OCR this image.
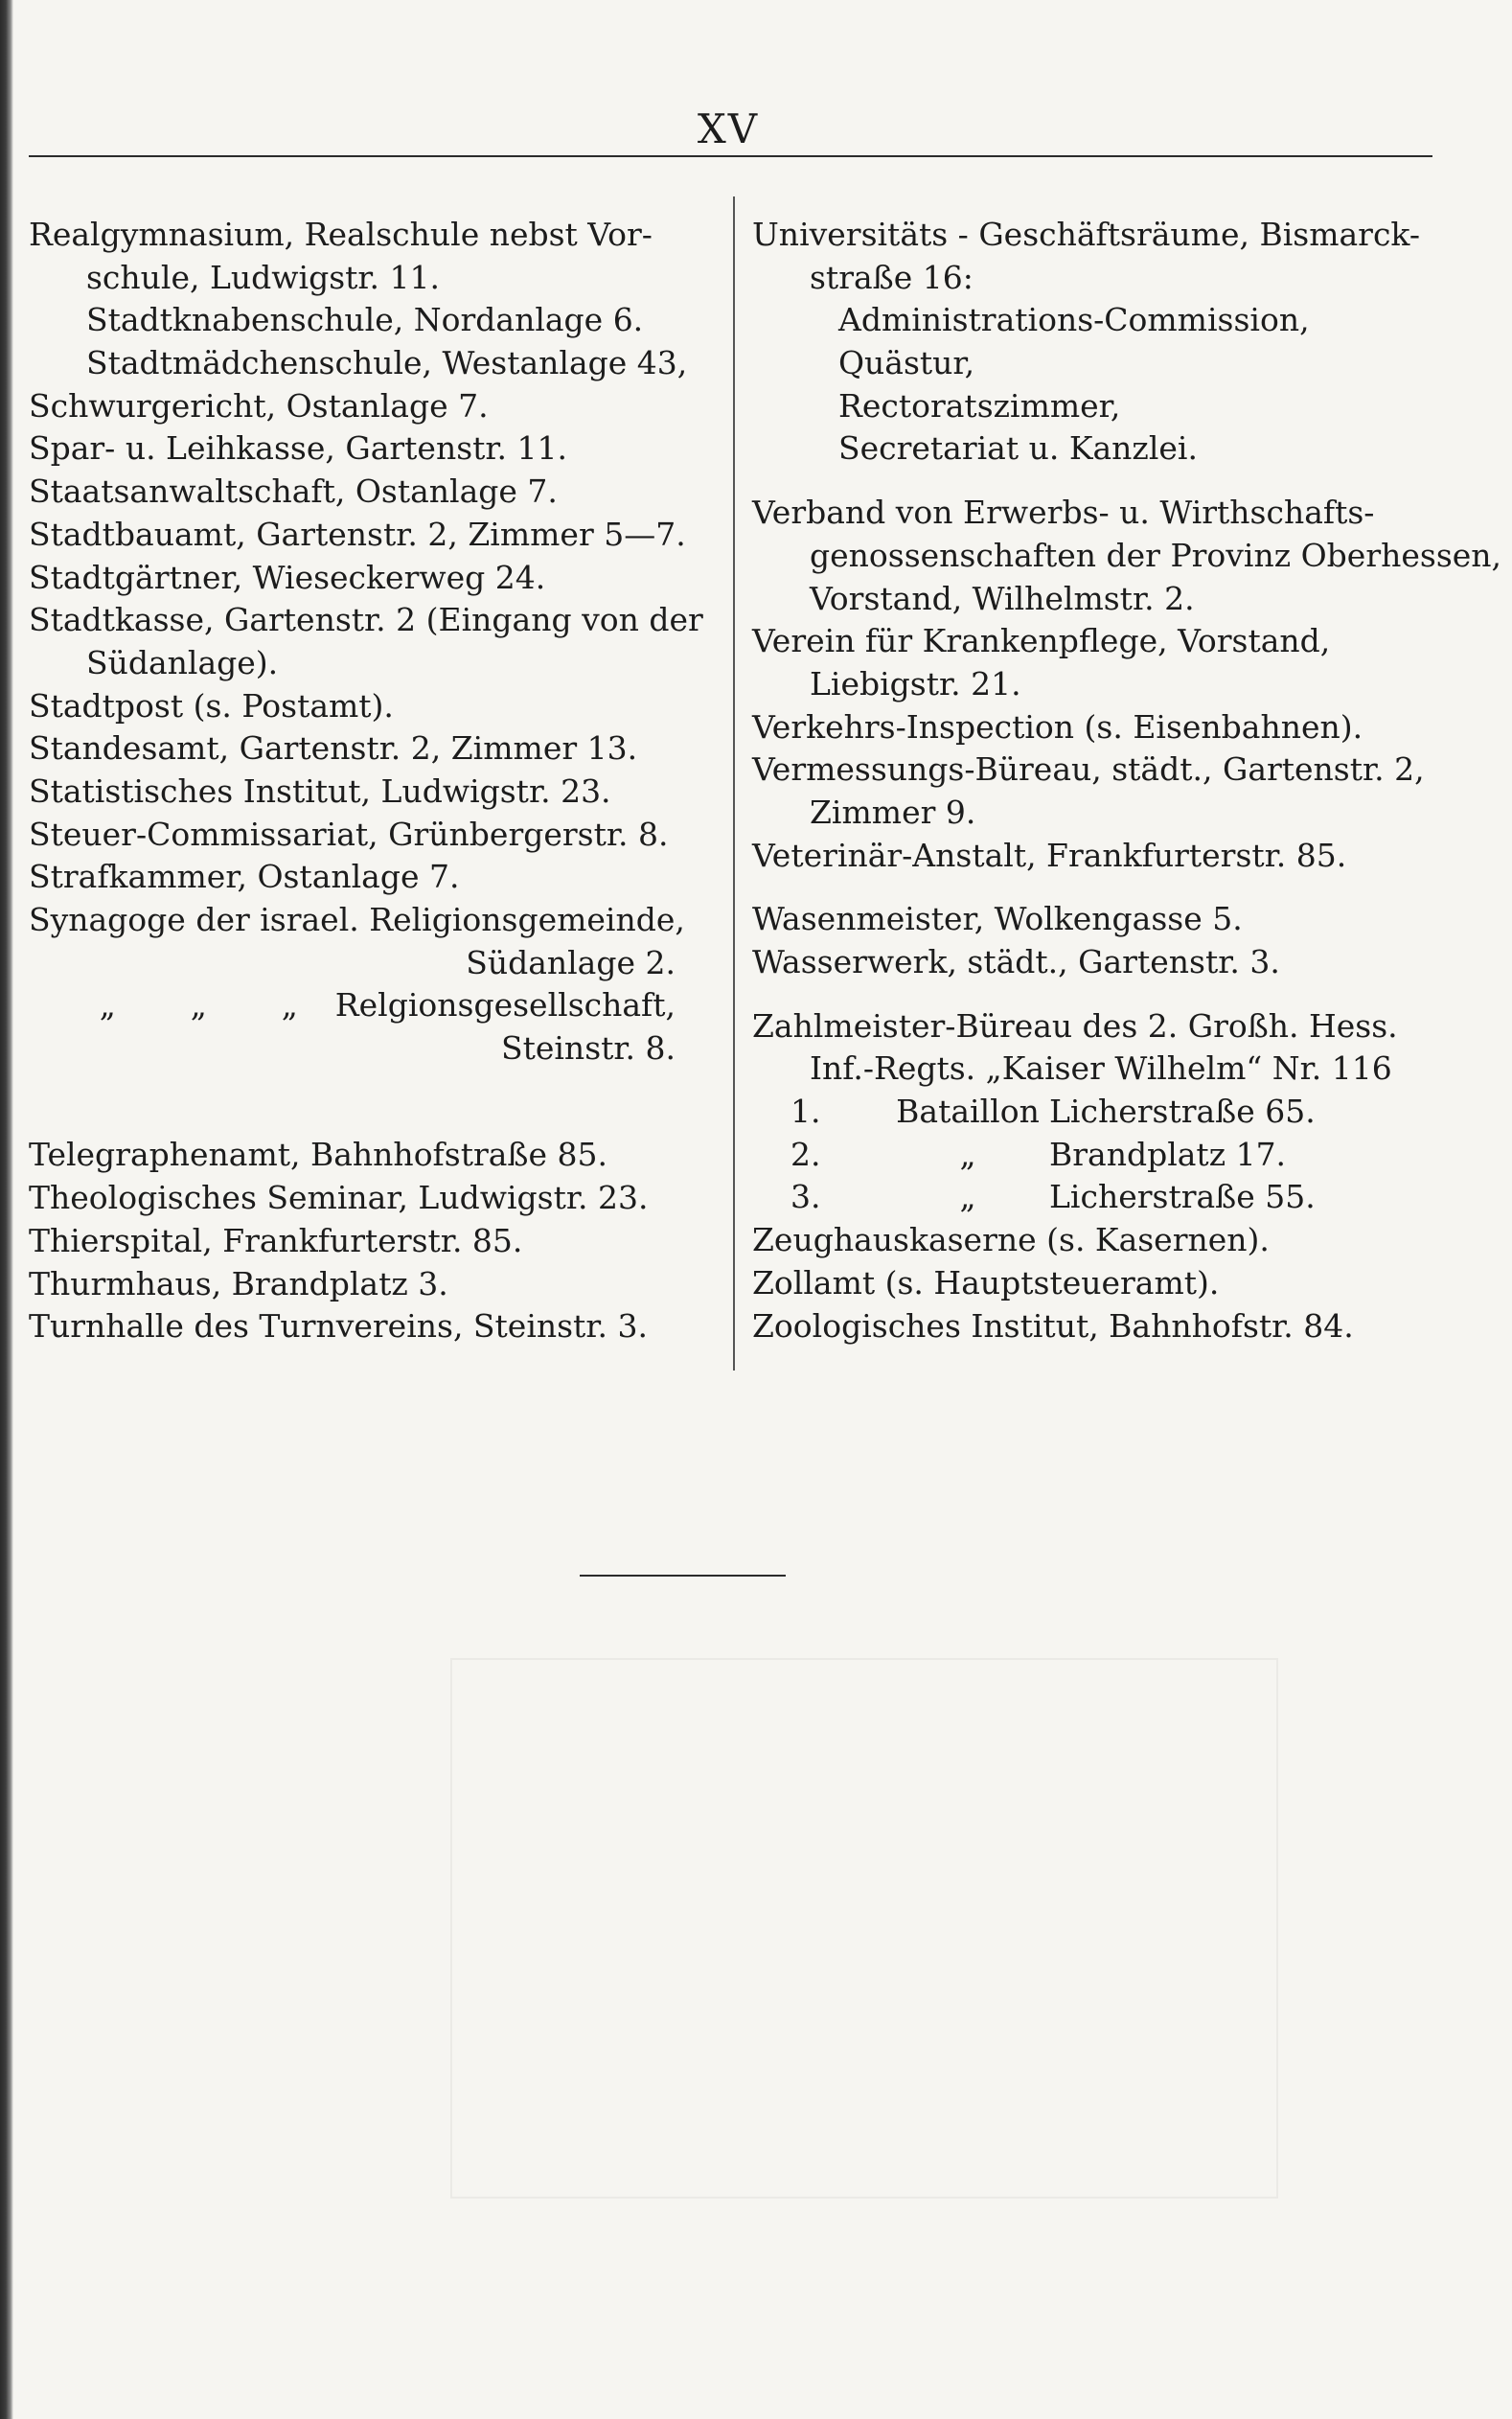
XV
Realgymnasium, Realschule nebst Vor-
schule, Ludwigstr. 11.
Stadtknabenschule, Nordanlage 6.
Stadtmädchenschule, Westanlage 43,
Schwurgericht, Ostanlage 7.
Spar- u. Leihkasse, Gartenstr. 11.
Staatsanwaltschaft, Ostanlage 7.
Stadtbauamt, Gartenstr. 2, Zimmer 5—7.
Stadtgärtner, Wieseckerweg 24.
Stadtkasse, Gartenstr. 2 (Eingang von der
Südanlage).
Stadtpost (s. Postamt).
Standesamt, Gartenstr. 2, Zimmer 13.
Statistisches Institut, Ludwigstr. 23.
Steuer-Commissariat, Grünbergerstr. 8.
Strafkammer, Ostanlage 7.
Synagoge der israel. Religionsgemeinde,
Südanlage 2.
„	„	„	Relgionsgesellschaft,
Steinstr. 8.
Telegraphenamt, Bahnhofstraße 85.
Theologisches Seminar, Ludwigstr. 23.
Thierspital, Frankfurterstr. 85.
Thurmhaus, Brandplatz 3.
Turnhalle des Turnvereins, Steinstr. 3.
Universitäts - Geschäftsräume, Bismarck-
straße 16:
Administrations-Commission,
Quästur,
Rectoratszimmer,
Secretariat u. Kanzlei.
Verband von Erwerbs- u. Wirthschafts-
genossenschaften der Provinz Oberhessen,
Vorstand, Wilhelmstr. 2.
Verein für Krankenpflege, Vorstand,
Liebigstr. 21.
Verkehrs-Inspection (s. Eisenbahnen).
Vermessungs-Büreau, städt., Gartenstr. 2,
Zimmer 9.
Veterinär-Anstalt, Frankfurterstr. 85.
Wasenmeister, Wolkengasse 5.
Wasserwerk, städt., Gartenstr. 3.
Zahlmeister-Büreau des 2. Großh. Hess.
Inf.-Regts. „Kaiser Wilhelm“ Nr. 116
1.	Bataillon Licherstraße 65.
2.	„	Brandplatz 17.
3.	„	Licherstraße 55.
Zeughauskaserne (s. Kasernen).
Zollamt (s. Hauptsteueramt).
Zoologisches Institut, Bahnhofstr. 84.
